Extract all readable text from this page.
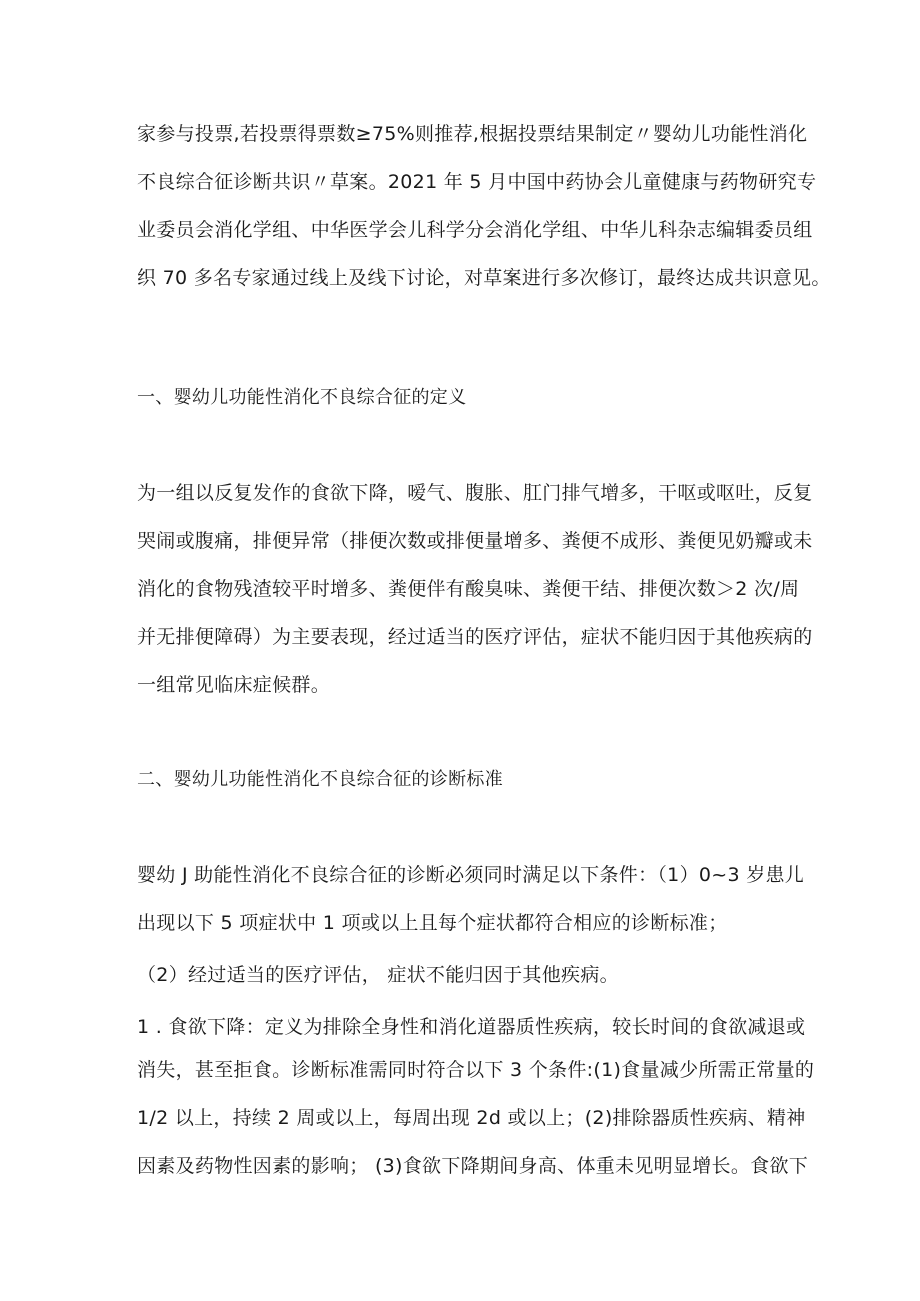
家参与投票,若投票得票数≥75%则推荐,根据投票结果制定〃婴幼儿功能性消化
不良综合征诊断共识〃草案。2021 年 5 月中国中药协会儿童健康与药物研究专
业委员会消化学组、中华医学会儿科学分会消化学组、中华儿科杂志编辑委员组
织 70 多名专家通过线上及线下讨论，对草案进行多次修订，最终达成共识意见。
一、婴幼儿功能性消化不良综合征的定义
为一组以反复发作的食欲下降，嗳气、腹胀、肛门排气增多，干呕或呕吐，反复
哭闹或腹痛，排便异常（排便次数或排便量增多、粪便不成形、粪便见奶瓣或未
消化的食物残渣较平时增多、粪便伴有酸臭味、粪便干结、排便次数＞2 次/周
并无排便障碍）为主要表现，经过适当的医疗评估，症状不能归因于其他疾病的
一组常见临床症候群。
二、婴幼儿功能性消化不良综合征的诊断标准
婴幼 J 助能性消化不良综合征的诊断必须同时满足以下条件：（1）0~3 岁患儿
出现以下 5 项症状中 1 项或以上且每个症状都符合相应的诊断标准；
（2）经过适当的医疗评估， 症状不能归因于其他疾病。
1 . 食欲下降：定义为排除全身性和消化道器质性疾病，较长时间的食欲减退或
消失，甚至拒食。诊断标准需同时符合以下 3 个条件:(1)食量减少所需正常量的
1/2 以上，持续 2 周或以上，每周出现 2d 或以上；(2)排除器质性疾病、精神
因素及药物性因素的影响； (3)食欲下降期间身高、体重未见明显增长。食欲下
